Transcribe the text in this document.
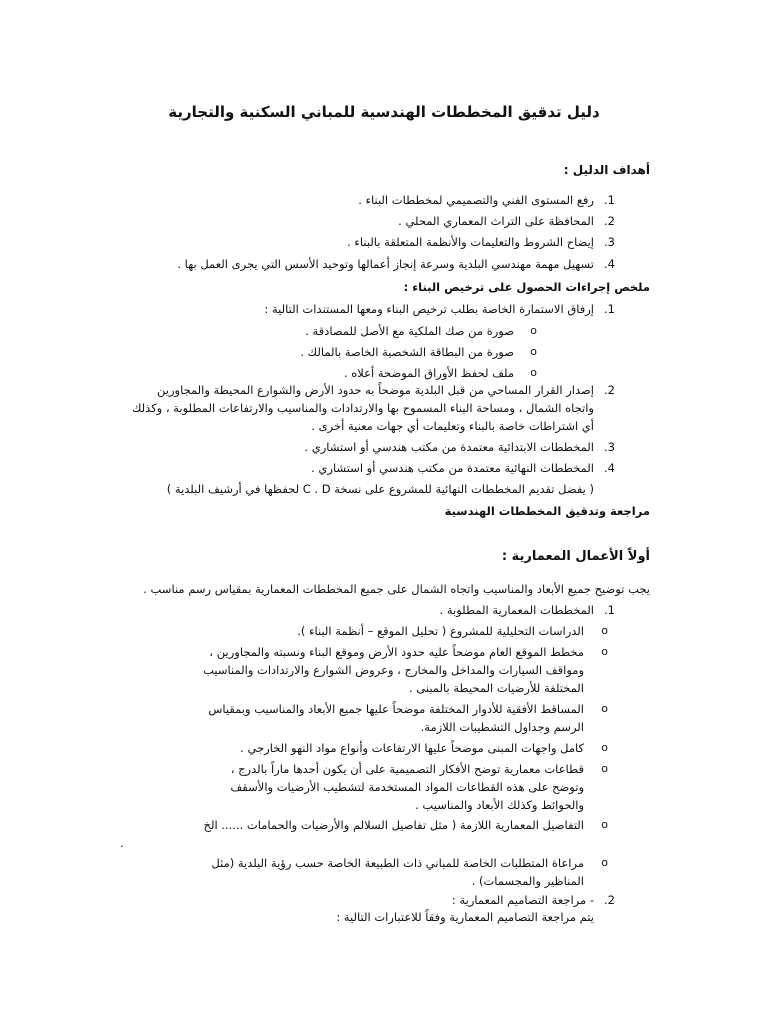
دليل تدقيق المخططات الهندسية للمباني السكنية والتجارية
أهداف الدليل :
1.
رفع المستوى الفني والتصميمي لمخططات البناء .
2.
المحافظة على التراث المعماري المحلي .
3.
إيضاح الشروط والتعليمات والأنظمة المتعلقة بالبناء .
4.
تسهيل مهمة مهندسي البلدية وسرعة إنجاز أعمالها وتوحيد الأسس التي يجرى العمل بها .
ملخص إجراءات الحصول على ترخيص البناء :
1.
إرفاق الاستمارة الخاصة بطلب ترخيص البناء ومعها المستندات التالية :
o
صورة من صك الملكية مع الأصل للمصادقة .
o
صورة من البطاقة الشخصية الخاصة بالمالك .
o
ملف لحفظ الأوراق الموضحة أعلاه .
2.
إصدار القرار المساحي من قبل البلدية موضحاً به حدود الأرض والشوارع المحيطة والمجاورين
واتجاه الشمال ، ومساحة البناء المسموح بها والارتدادات والمناسيب والارتفاعات المطلوبة ، وكذلك
أي اشتراطات خاصة بالبناء وتعليمات أي جهات معنية أخرى .
3.
المخططات الابتدائية معتمدة من مكتب هندسي أو استشاري .
4.
المخططات النهائية معتمدة من مكتب هندسي أو استشاري .
( يفضل تقديم المخططات النهائية للمشروع على نسخة C . D لحفظها في أرشيف البلدية )
مراجعة وتدقيق المخططات الهندسية
أولاً الأعمال المعمارية :
يجب توضيح جميع الأبعاد والمناسيب واتجاه الشمال على جميع المخططات المعمارية بمقياس رسم مناسب .
1.
المخططات المعمارية المطلوبة .
o
الدراسات التحليلية للمشروع ( تحليل الموقع – أنظمة البناء ).
o
مخطط الموقع العام موضحاً عليه حدود الأرض وموقع البناء ونسبته والمجاورين ،
ومواقف السيارات والمداخل والمخارج ، وعروض الشوارع والارتدادات والمناسيب
المختلفة للأرضيات المحيطة بالمبنى .
o
المساقط الأفقية للأدوار المختلفة موضحاً عليها جميع الأبعاد والمناسيب وبمقياس
الرسم وجداول التشطيبات اللازمة.
o
كامل واجهات المبنى موضحاً عليها الارتفاعات وأنواع مواد النهو الخارجي .
o
قطاعات معمارية توضح الأفكار التصميمية على أن يكون أحدها ماراً بالدرج ،
وتوضح على هذه القطاعات المواد المستخدمة لتشطيب الأرضيات والأسقف
والحوائط وكذلك الأبعاد والمناسيب .
o
التفاصيل المعمارية اللازمة ( مثل تفاصيل السلالم والأرضيات والحمامات ...... الخ
.
o
مراعاة المتطلبات الخاصة للمباني ذات الطبيعة الخاصة حسب رؤية البلدية (مثل
المناظير والمجسمات) .
2.
- مراجعة التصاميم المعمارية :
يتم مراجعة التصاميم المعمارية وفقاً للاعتبارات التالية :
